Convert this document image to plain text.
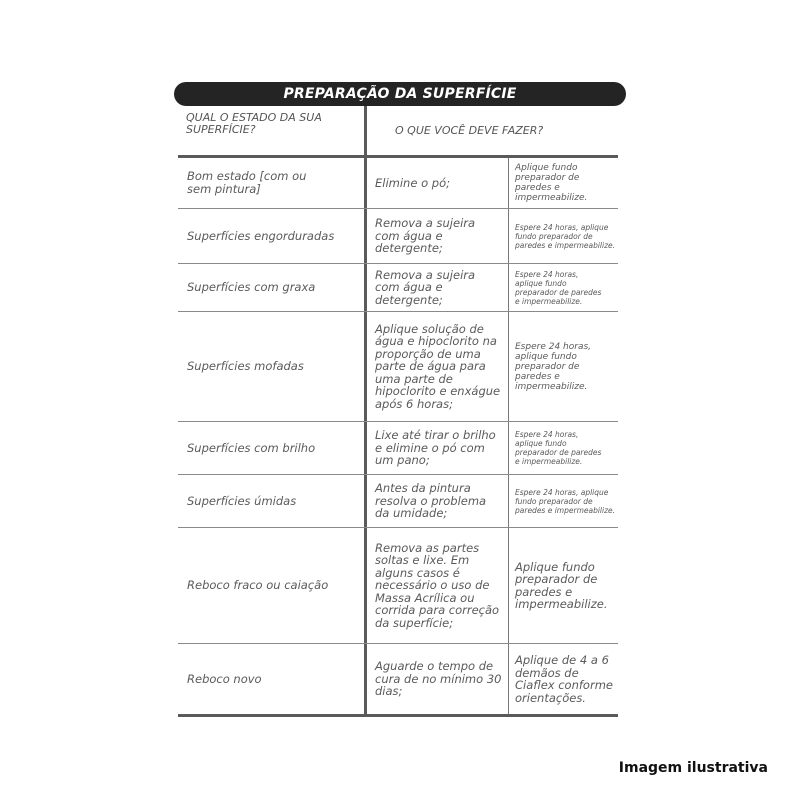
PREPARAÇÃO DA SUPERFÍCIE
QUAL O ESTADO DA SUA SUPERFÍCIE?	O QUE VOCÊ DEVE FAZER?
Bom estado [com ou sem pintura]	Elimine o pó;
Aplique fundo preparador de paredes e impermeabilize.
Superfícies engorduradas
Remova a sujeira com água e detergente;
Espere 24 horas, aplique fundo preparador de paredes e impermeabilize.
Superfícies com graxa
Remova a sujeira com água e detergente;
Espere 24 horas, aplique fundo preparador de paredes e impermeabilize.
Superfícies mofadas
Aplique solução de água e hipoclorito na proporção de uma parte de água para uma parte de hipoclorito e enxágue após 6 horas;
Espere 24 horas, aplique fundo preparador de paredes e impermeabilize.
Superfícies com brilho
Lixe até tirar o brilho e elimine o pó com um pano;
Espere 24 horas, aplique fundo preparador de paredes e impermeabilize.
Superfícies úmidas
Antes da pintura resolva o problema da umidade;
Espere 24 horas, aplique fundo preparador de paredes e impermeabilize.
Reboco fraco ou caiação
Remova as partes soltas e lixe. Em alguns casos é necessário o uso de Massa Acrílica ou corrida para correção da superfície;
Aplique fundo preparador de paredes e impermeabilize.
Reboco novo
Aguarde o tempo de cura de no mínimo 30 dias;
Aplique de 4 a 6 demãos de Ciaflex conforme orientações.
Imagem ilustrativa
